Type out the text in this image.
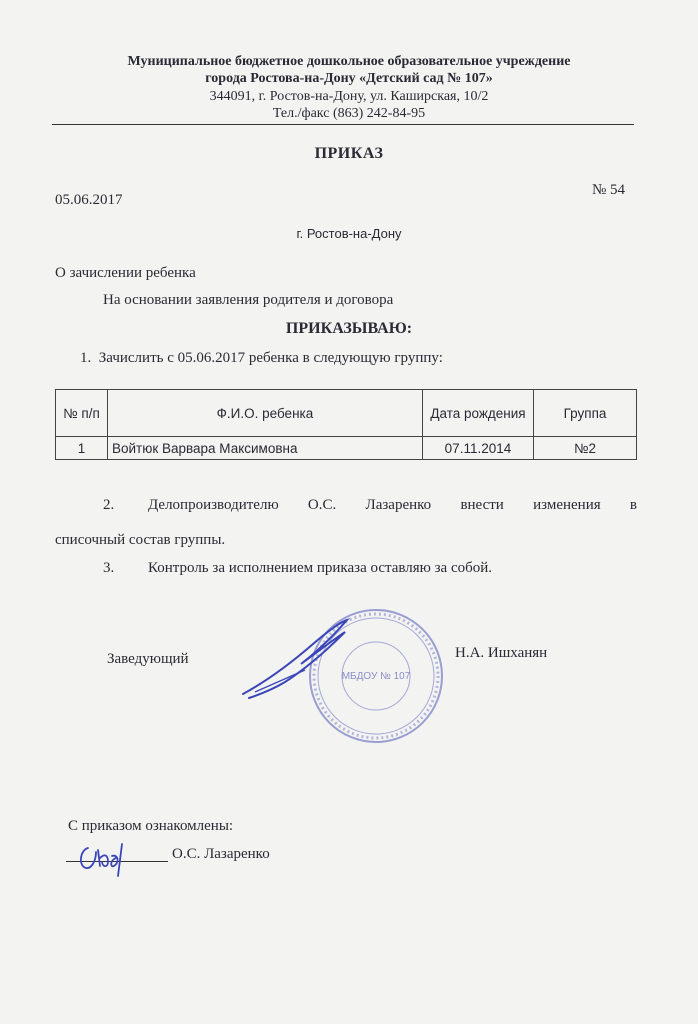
Муниципальное бюджетное дошкольное образовательное учреждение
города Ростова-на-Дону «Детский сад № 107»
344091, г. Ростов-на-Дону, ул. Каширская, 10/2
Тел./факс (863) 242-84-95
ПРИКАЗ
05.06.2017
№ 54
г. Ростов-на-Дону
О зачислении ребенка
На основании заявления родителя и договора
ПРИКАЗЫВАЮ:
1. Зачислить с 05.06.2017 ребенка в следующую группу:
№ п/п	Ф.И.О. ребенка	Дата рождения	Группа
1	Войтюк Варвара Максимовна	07.11.2014	№2
2. Делопроизводителю О.С. Лазаренко внести изменения в
списочный состав группы.
3. Контроль за исполнением приказа оставляю за собой.
Заведующий	Н.А. Ишханян
МБДОУ № 107
С приказом ознакомлены:
О.С. Лазаренко
